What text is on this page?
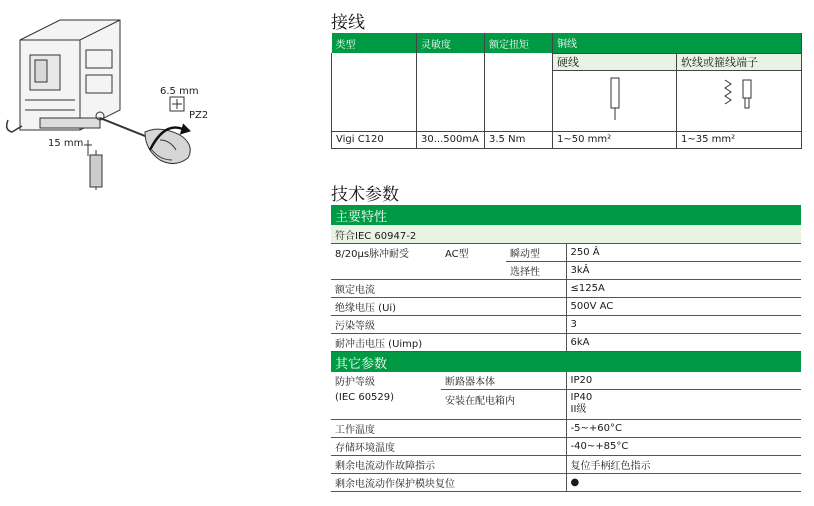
6.5 mm
PZ2
15 mm
接线
类型	灵敏度	额定扭矩	铜线	
			硬线	软线或箍线端子

Vigi C120	30...500mA	3.5 Nm	1~50 mm²	1~35 mm²
技术参数
主要特性			
符合IEC 60947-2			
8/20µs脉冲耐受	AC型	瞬动型	250 Â
		选择性	3kÂ
额定电流			≤125A
绝缘电压 (Ui)			500V AC
污染等级			3
耐冲击电压 (Uimp)			6kA
其它参数			
防护等级	断路器本体		IP20
(IEC 60529)	安装在配电箱内		IP40
II级

工作温度			-5~+60°C
存储环境温度			-40~+85°C
剩余电流动作故障指示			复位手柄红色指示
剩余电流动作保护模块复位			●
